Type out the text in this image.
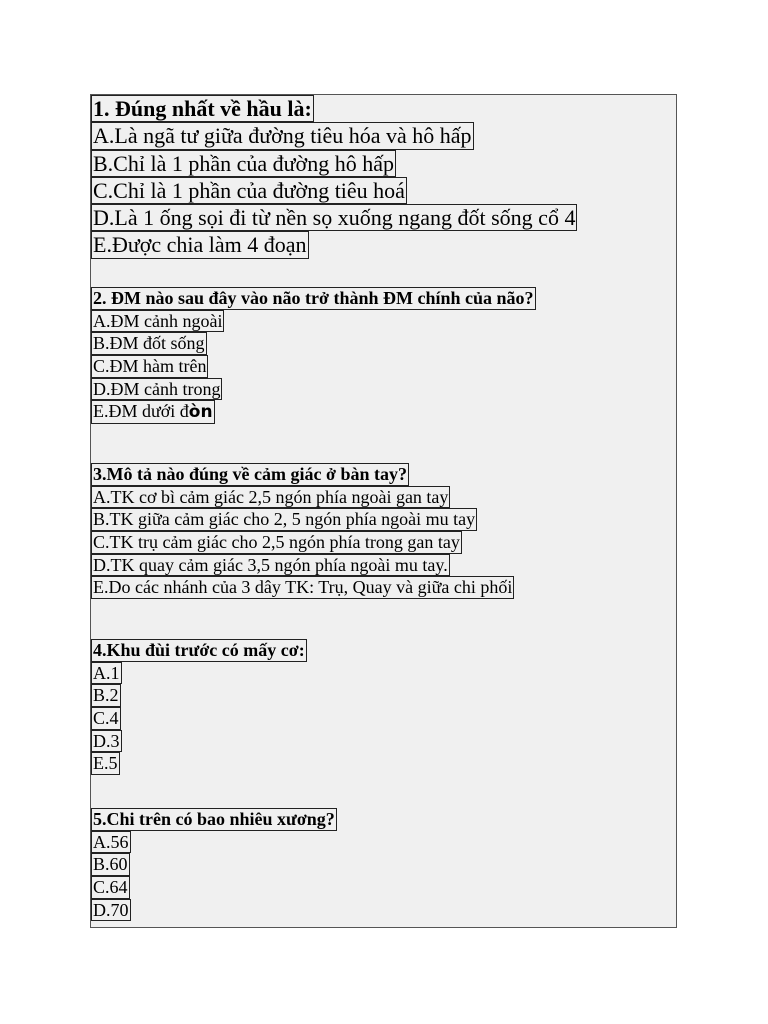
1. Đúng nhất về hầu là:
A.Là ngã tư giữa đường tiêu hóa và hô hấp
B.Chỉ là 1 phần của đường hô hấp
C.Chỉ là 1 phần của đường tiêu hoá
D.Là 1 ống sọi đi từ nền sọ xuống ngang đốt sống cổ 4
E.Được chia làm 4 đoạn
2. ĐM nào sau đây vào não trở thành ĐM chính của não?
A.ĐM cảnh ngoài
B.ĐM đốt sống
C.ĐM hàm trên
D.ĐM cảnh trong
E.ĐM dưới đòn
3.Mô tả nào đúng về cảm giác ở bàn tay?
A.TK cơ bì cảm giác 2,5 ngón phía ngoài gan tay
B.TK giữa cảm giác cho 2, 5 ngón phía ngoài mu tay
C.TK trụ cảm giác cho 2,5 ngón phía trong gan tay
D.TK quay cảm giác 3,5 ngón phía ngoài mu tay.
E.Do các nhánh của 3 dây TK: Trụ, Quay và giữa chi phối
4.Khu đùi trước có mấy cơ:
A.1
B.2
C.4
D.3
E.5
5.Chi trên có bao nhiêu xương?
A.56
B.60
C.64
D.70
